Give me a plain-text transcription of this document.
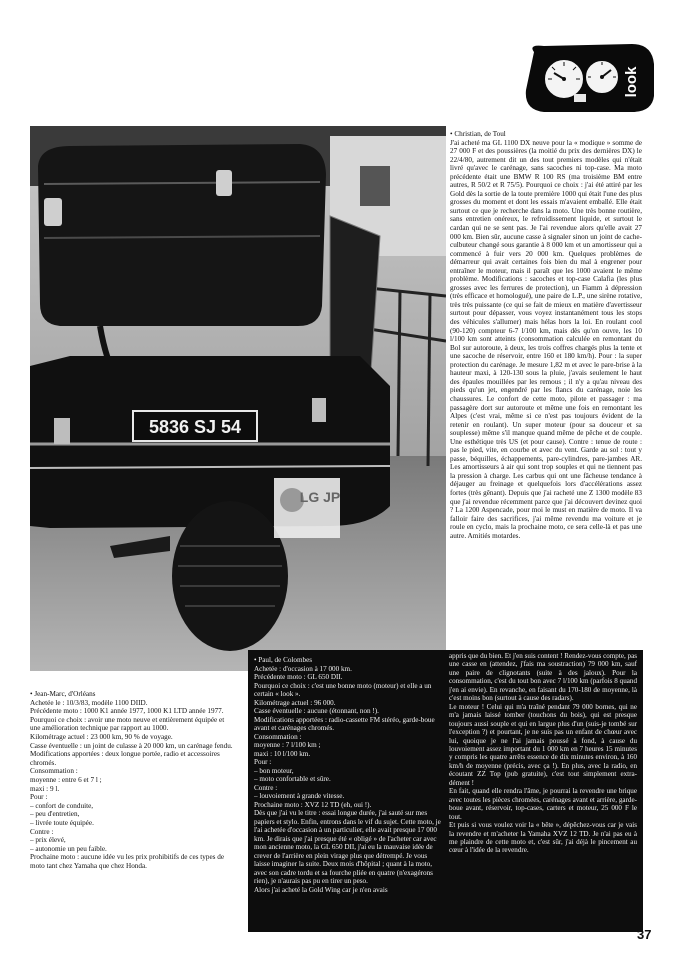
look
5836 SJ 54
LG JP

• Christian, de Toul

J'ai acheté ma GL 1100 DX neuve pour la « modique » somme de 27 000 F et des poussières (la moitié du prix des dernières DX) le 22/4/80, autrement dit un des tout premiers modèles qui n'était livré qu'avec le carénage, sans sacoches ni top-case. Ma moto précédente était une BMW R 100 RS (ma troisième BM entre autres, R 50/2 et R 75/5). Pourquoi ce choix : j'ai été attiré par les Gold dès la sortie de la toute première 1000 qui était l'une des plus grosses du moment et dont les essais m'avaient emballé. Elle était surtout ce que je recherche dans la moto. Une très bonne routière, sans entretien onéreux, le refroidissement liquide, et surtout le cardan qui ne se sent pas. Je l'ai revendue alors qu'elle avait 27 000 km. Bien sûr, aucune casse à signaler sinon un joint de cache-culbuteur changé sous garantie à 8 000 km et un amortisseur qui a commencé à fuir vers 20 000 km. Quelques problèmes de démarreur qui avait certaines fois bien du mal à engrener pour entraîner le moteur, mais il paraît que les 1000 avaient le même problème. Modifications : sacoches et top-case Calafia (les plus grosses avec les ferrures de protection), un Fiamm à dépression (très efficace et homologué), une paire de L.P., une sirène rotative, très très puissante (ce qui se fait de mieux en matière d'avertisseur surtout pour dépasser, vous voyez instantanément tous les stops des véhicules s'allumer) mais hélas hors la loi. En roulant cool (90-120) compteur 6-7 l/100 km, mais dès qu'on ouvre, les 10 l/100 km sont atteints (consommation calculée en remontant du Bol sur autoroute, à deux, les trois coffres chargés plus la tente et une sacoche de réservoir, entre 160 et 180 km/h). Pour : la super protection du carénage. Je mesure 1,82 m et avec le pare-brise à la hauteur maxi, à 120-130 sous la pluie, j'avais seulement le haut des épaules mouillées par les remous ; il n'y a qu'au niveau des pieds qu'un jet, engendré par les flancs du carénage, noie les chaussures. Le confort de cette moto, pilote et passager : ma passagère dort sur autoroute et même une fois en remontant les Alpes (c'est vrai, même si ce n'est pas toujours évident de la retenir en roulant). Un super moteur (pour sa douceur et sa souplesse) même s'il manque quand même de pêche et de couple. Une esthétique très US (et pour cause). Contre : tenue de route : pas le pied, vite, en courbe et avec du vent. Garde au sol : tout y passe, béquilles, échappements, pare-cylindres, pare-jambes AR. Les amortisseurs à air qui sont trop souples et qui ne tiennent pas la pression à charge. Les carbus qui ont une fâcheuse tendance à déjauger au freinage et quelquefois lors d'accélérations assez fortes (très gênant). Depuis que j'ai racheté une Z 1300 modèle 83 que j'ai revendue récemment parce que j'ai découvert devinez quoi ? La 1200 Aspencade, pour moi le must en matière de moto. Il va falloir faire des sacrifices, j'ai même revendu ma voiture et je roule en cyclo, mais la prochaine moto, ce sera celle-là et pas une autre. Amitiés motardes.

• Jean-Marc, d'Orléans

Achetée le : 10/3/83, modèle 1100 DIID.
Précédente moto : 1000 K1 année 1977, 1000 K1 LTD année 1977.
Pourquoi ce choix : avoir une moto neuve et entièrement équipée et une amélioration technique par rapport au 1000.
Kilométrage actuel : 23 000 km, 90 % de voyage.
Casse éventuelle : un joint de culasse à 20 000 km, un carénage fendu.
Modifications apportées : deux longue portée, radio et accessoires chromés.
Consommation :
moyenne : entre 6 et 7 l ;
maxi : 9 l.
Pour :
– confort de conduite,
– peu d'entretien,
– livrée toute équipée.
Contre :
– prix élevé,
– autonomie un peu faible.
Prochaine moto : aucune idée vu les prix prohibitifs de ces types de moto tant chez Yamaha que chez Honda.

• Paul, de Colombes

Achetée : d'occasion à 17 000 km.
Précédente moto : GL 650 DII.
Pourquoi ce choix : c'est une bonne moto (moteur) et elle a un certain « look ».
Kilométrage actuel : 96 000.
Casse éventuelle : aucune (étonnant, non !).
Modifications apportées : radio-cassette FM stéréo, garde-boue avant et carénages chromés.
Consommation :
moyenne : 7 l/100 km ;
maxi : 10 l/100 km.
Pour :
– bon moteur,
– moto confortable et sûre.
Contre :
– louvoiement à grande vitesse.
Prochaine moto : XVZ 12 TD (eh, oui !).
Dès que j'ai vu le titre : essai longue durée, j'ai sauté sur mes papiers et stylo. Enfin, entrons dans le vif du sujet. Cette moto, je l'ai achetée d'occasion à un particulier, elle avait presque 17 000 km. Je dirais que j'ai presque été « obligé » de l'acheter car avec mon ancienne moto, la GL 650 DII, j'ai eu la mauvaise idée de crever de l'arrière en plein virage plus que détrempé. Je vous laisse imaginer la suite. Deux mois d'hôpital ; quant à la moto, avec son cadre tordu et sa fourche pliée en quatre (n'exagérons rien), je n'aurais pas pu en tirer un peso.
Alors j'ai acheté la Gold Wing car je n'en avais

appris que du bien. Et j'en suis content ! Rendez-vous compte, pas une casse en (attendez, j'fais ma soustraction) 79 000 km, sauf une paire de clignotants (suite à des jaloux). Pour la consommation, c'est du tout bon avec 7 l/100 km (parfois 8 quand j'en ai envie). En revanche, en faisant du 170-180 de moyenne, là c'est moins bon (surtout à cause des radars).
Le moteur ! Celui qui m'a traîné pendant 79 000 bornes, qui ne m'a jamais laissé tomber (touchons du bois), qui est presque toujours aussi souple et qui en largue plus d'un (suis-je tombé sur l'exception ?) et pourtant, je ne suis pas un enfant de chœur avec lui, quoique je ne l'ai jamais poussé à fond, à cause du louvoiement assez important du 1 000 km en 7 heures 15 minutes y compris les quatre arrêts essence de dix minutes environ, à 160 km/h de moyenne (précis, avec ça !). En plus, avec la radio, en écoutant ZZ Top (pub gratuite), c'est tout simplement extra-dément !
En fait, quand elle rendra l'âme, je pourrai la revendre une brique avec toutes les pièces chromées, carénages avant et arrière, garde-boue avant, réservoir, top-cases, carters et moteur, 25 000 F le tout.
Et puis si vous voulez voir la « bête », dépêchez-vous car je vais la revendre et m'acheter la Yamaha XVZ 12 TD. Je n'ai pas eu à me plaindre de cette moto et, c'est sûr, j'ai déjà le pincement au cœur à l'idée de la revendre.

37
